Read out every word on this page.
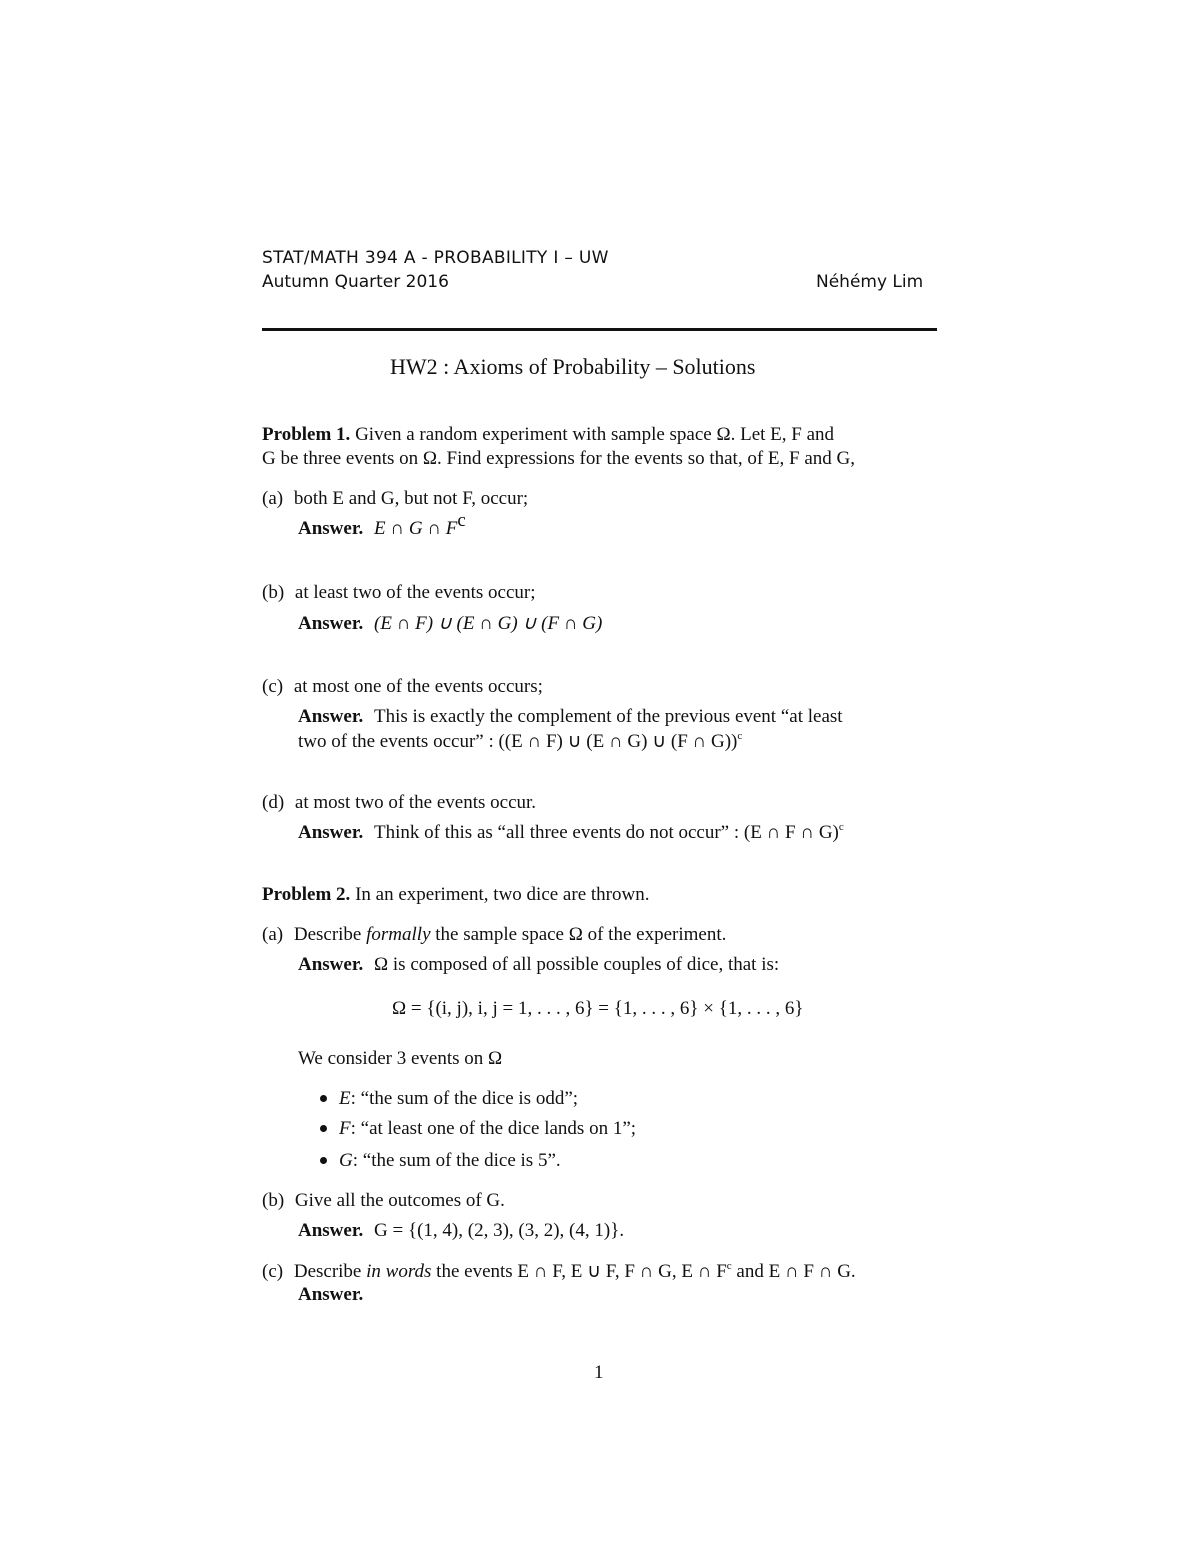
STAT/MATH 394 A - PROBABILITY I – UW
Autumn Quarter 2016	Néhémy Lim
HW2 : Axioms of Probability – Solutions
Problem 1. Given a random experiment with sample space Ω. Let E, F and
G be three events on Ω. Find expressions for the events so that, of E, F and G,
(a) both E and G, but not F, occur;
Answer. E ∩ G ∩ $F^c$
(b) at least two of the events occur;
Answer. (E ∩ F) ∪ (E ∩ G) ∪ (F ∩ G)
(c) at most one of the events occurs;
Answer. This is exactly the complement of the previous event “at least
two of the events occur” : ((E ∩ F) ∪ (E ∩ G) ∪ (F ∩ G))$^c$
(d) at most two of the events occur.
Answer. Think of this as “all three events do not occur” : (E ∩ F ∩ G)$^c$
Problem 2. In an experiment, two dice are thrown.
(a) Describe formally the sample space Ω of the experiment.
Answer. Ω is composed of all possible couples of dice, that is:
Ω = {(i, j), i, j = 1, . . . , 6} = {1, . . . , 6} × {1, . . . , 6}
We consider 3 events on Ω
E: “the sum of the dice is odd”;
F: “at least one of the dice lands on 1”;
G: “the sum of the dice is 5”.
(b) Give all the outcomes of G.
Answer. G = {(1, 4), (2, 3), (3, 2), (4, 1)}.
(c) Describe in words the events E ∩ F, E ∪ F, F ∩ G, E ∩ $F^c$ and E ∩ F ∩ G.
Answer.
1
